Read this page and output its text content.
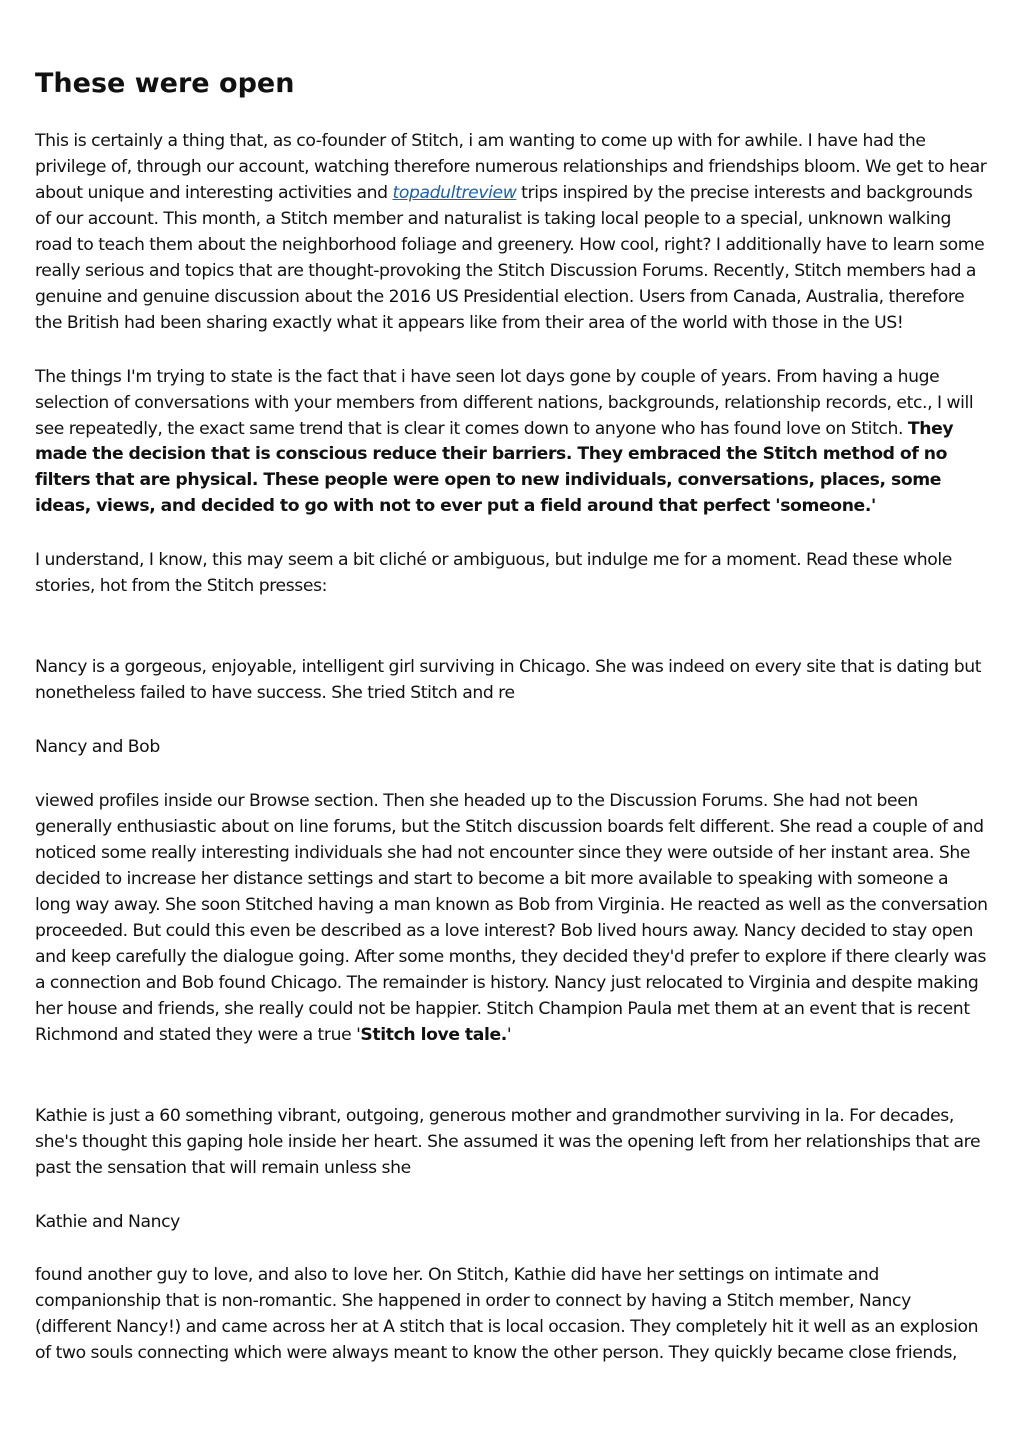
These were open

This is certainly a thing that, as co-founder of Stitch, i am wanting to come up with for awhile. I have had the privilege of, through our account, watching therefore numerous relationships and friendships bloom. We get to hear about unique and interesting activities and topadultreview trips inspired by the precise interests and backgrounds of our account. This month, a Stitch member and naturalist is taking local people to a special, unknown walking road to teach them about the neighborhood foliage and greenery. How cool, right? I additionally have to learn some really serious and topics that are thought-provoking the Stitch Discussion Forums. Recently, Stitch members had a genuine and genuine discussion about the 2016 US Presidential election. Users from Canada, Australia, therefore the British had been sharing exactly what it appears like from their area of the world with those in the US!

The things I'm trying to state is the fact that i have seen lot days gone by couple of years. From having a huge selection of conversations with your members from different nations, backgrounds, relationship records, etc., I will see repeatedly, the exact same trend that is clear it comes down to anyone who has found love on Stitch. They made the decision that is conscious reduce their barriers. They embraced the Stitch method of no filters that are physical. These people were open to new individuals, conversations, places, some ideas, views, and decided to go with not to ever put a field around that perfect 'someone.'

I understand, I know, this may seem a bit cliché or ambiguous, but indulge me for a moment. Read these whole stories, hot from the Stitch presses:

Nancy is a gorgeous, enjoyable, intelligent girl surviving in Chicago. She was indeed on every site that is dating but nonetheless failed to have success. She tried Stitch and re

Nancy and Bob

viewed profiles inside our Browse section. Then she headed up to the Discussion Forums. She had not been generally enthusiastic about on line forums, but the Stitch discussion boards felt different. She read a couple of and noticed some really interesting individuals she had not encounter since they were outside of her instant area. She decided to increase her distance settings and start to become a bit more available to speaking with someone a long way away. She soon Stitched having a man known as Bob from Virginia. He reacted as well as the conversation proceeded. But could this even be described as a love interest? Bob lived hours away. Nancy decided to stay open and keep carefully the dialogue going. After some months, they decided they'd prefer to explore if there clearly was a connection and Bob found Chicago. The remainder is history. Nancy just relocated to Virginia and despite making her house and friends, she really could not be happier. Stitch Champion Paula met them at an event that is recent Richmond and stated they were a true 'Stitch love tale.'

Kathie is just a 60 something vibrant, outgoing, generous mother and grandmother surviving in la. For decades, she's thought this gaping hole inside her heart. She assumed it was the opening left from her relationships that are past the sensation that will remain unless she

Kathie and Nancy

found another guy to love, and also to love her. On Stitch, Kathie did have her settings on intimate and companionship that is non-romantic. She happened in order to connect by having a Stitch member, Nancy (different Nancy!) and came across her at A stitch that is local occasion. They completely hit it well as an explosion of two souls connecting which were always meant to know the other person. They quickly became close friends,
